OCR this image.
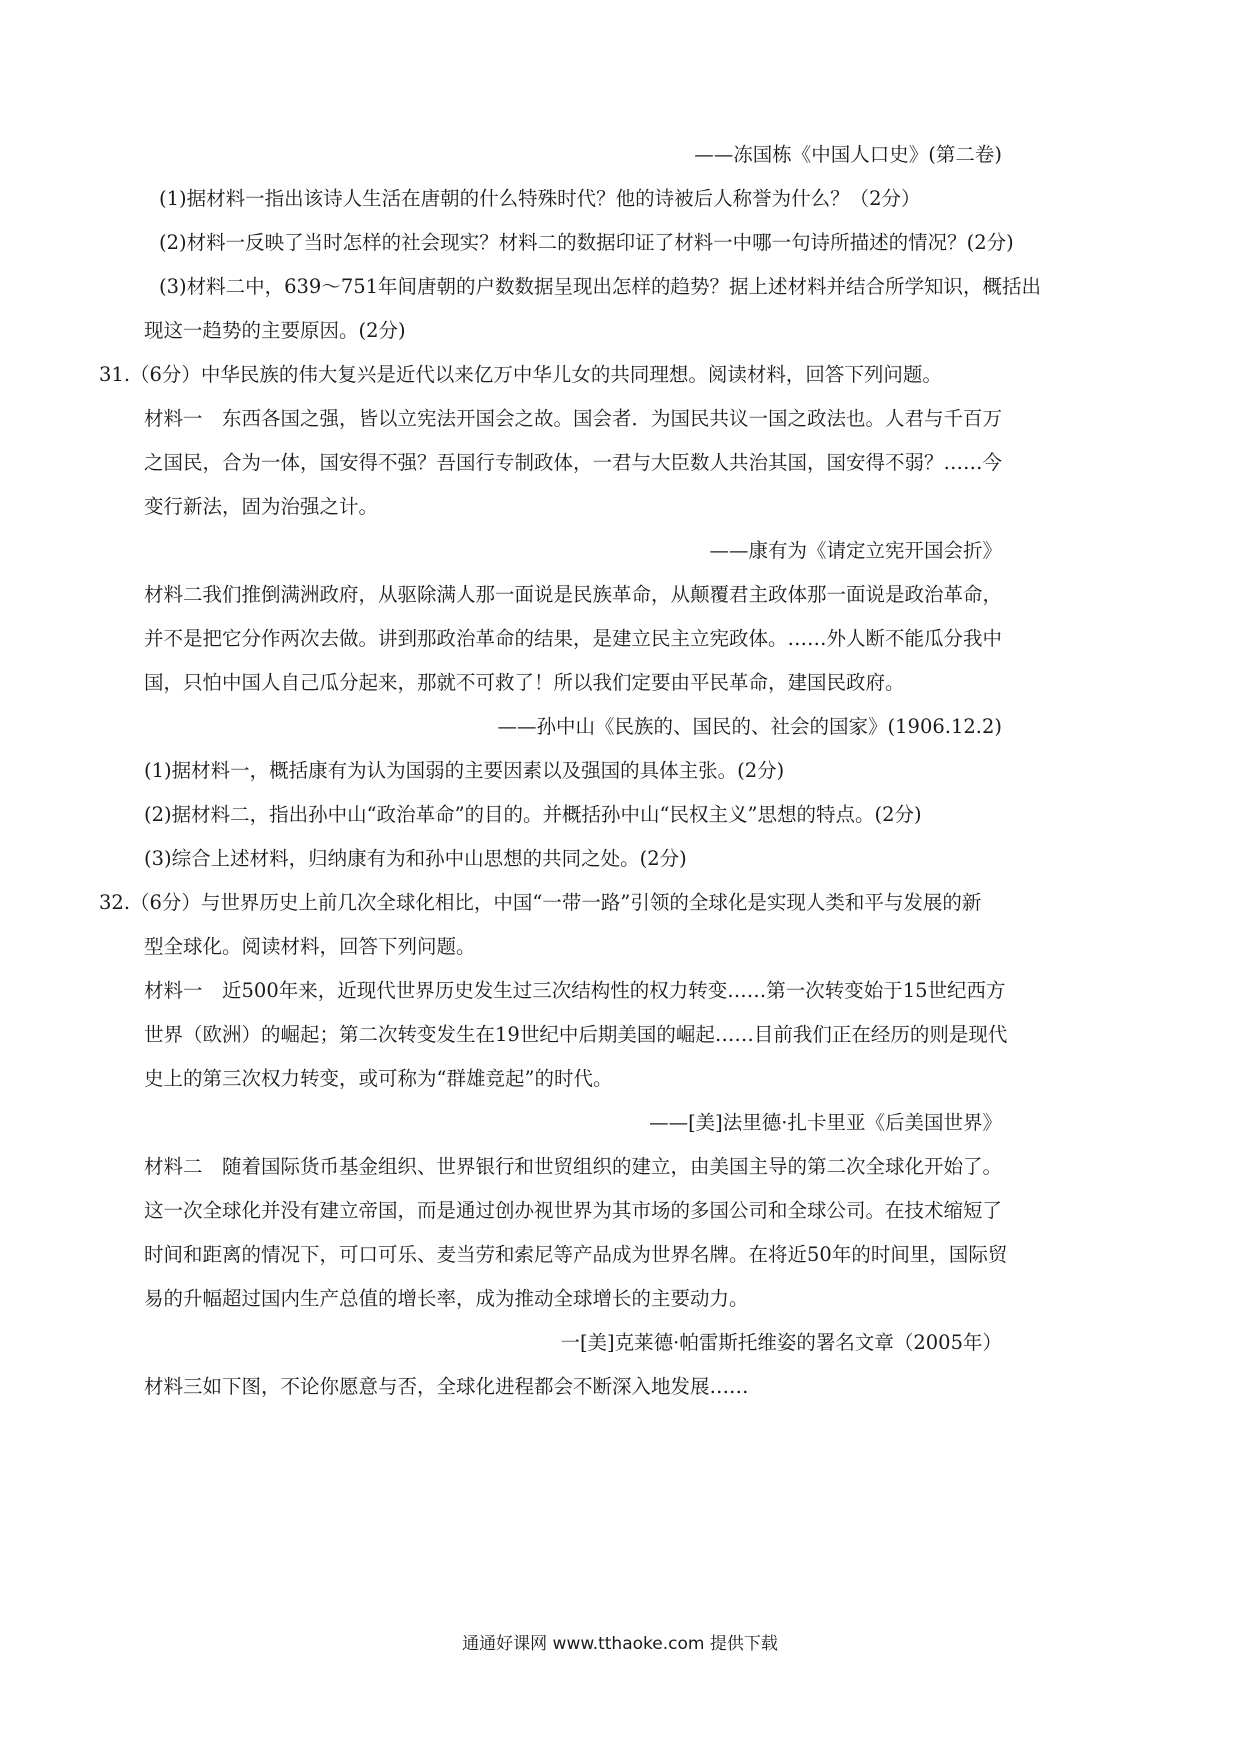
——冻国栋《中国人口史》(第二卷)
(1)据材料一指出该诗人生活在唐朝的什么特殊时代？他的诗被后人称誉为什么？（2分）
(2)材料一反映了当时怎样的社会现实？材料二的数据印证了材料一中哪一句诗所描述的情况？(2分)
(3)材料二中，639～751年间唐朝的户数数据呈现出怎样的趋势？据上述材料并结合所学知识，概括出
现这一趋势的主要原因。(2分)
31.（6分）中华民族的伟大复兴是近代以来亿万中华儿女的共同理想。阅读材料，回答下列问题。
材料一　东西各国之强，皆以立宪法开国会之故。国会者．为国民共议一国之政法也。人君与千百万
之国民，合为一体，国安得不强？吾国行专制政体，一君与大臣数人共治其国，国安得不弱？……今
变行新法，固为治强之计。
——康有为《请定立宪开国会折》
材料二我们推倒满洲政府，从驱除满人那一面说是民族革命，从颠覆君主政体那一面说是政治革命，
并不是把它分作两次去做。讲到那政治革命的结果，是建立民主立宪政体。……外人断不能瓜分我中
国，只怕中国人自己瓜分起来，那就不可救了！所以我们定要由平民革命，建国民政府。
——孙中山《民族的、国民的、社会的国家》(1906.12.2)
(1)据材料一，概括康有为认为国弱的主要因素以及强国的具体主张。(2分)
(2)据材料二，指出孙中山“政治革命”的目的。并概括孙中山“民权主义”思想的特点。(2分)
(3)综合上述材料，归纳康有为和孙中山思想的共同之处。(2分)
32.（6分）与世界历史上前几次全球化相比，中国“一带一路”引领的全球化是实现人类和平与发展的新
型全球化。阅读材料，回答下列问题。
材料一　近500年来，近现代世界历史发生过三次结构性的权力转变……第一次转变始于15世纪西方
世界（欧洲）的崛起；第二次转变发生在19世纪中后期美国的崛起……目前我们正在经历的则是现代
史上的第三次权力转变，或可称为“群雄竞起”的时代。
——[美]法里德·扎卡里亚《后美国世界》
材料二　随着国际货币基金组织、世界银行和世贸组织的建立，由美国主导的第二次全球化开始了。
这一次全球化并没有建立帝国，而是通过创办视世界为其市场的多国公司和全球公司。在技术缩短了
时间和距离的情况下，可口可乐、麦当劳和索尼等产品成为世界名牌。在将近50年的时间里，国际贸
易的升幅超过国内生产总值的增长率，成为推动全球增长的主要动力。
一[美]克莱德·帕雷斯托维姿的署名文章（2005年）
材料三如下图，不论你愿意与否，全球化进程都会不断深入地发展……
通通好课网 www.tthaoke.com 提供下载
